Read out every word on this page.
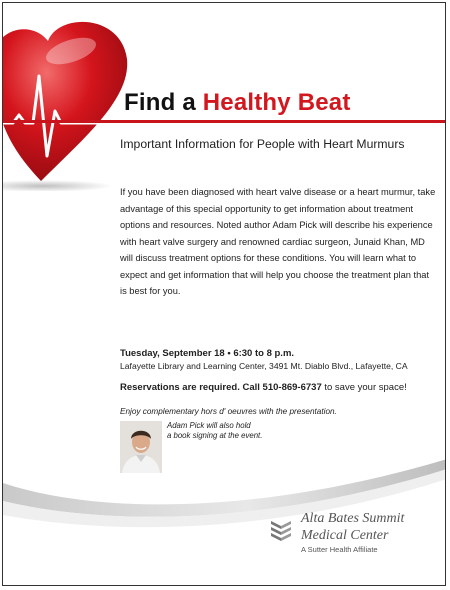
Find a Healthy Beat
Important Information for People with Heart Murmurs
If you have been diagnosed with heart valve disease or a heart murmur, take advantage of this special opportunity to get information about treatment options and resources. Noted author Adam Pick will describe his experience with heart valve surgery and renowned cardiac surgeon, Junaid Khan, MD will discuss treatment options for these conditions. You will learn what to expect and get information that will help you choose the treatment plan that is best for you.
Tuesday, September 18 • 6:30 to 8 p.m.
Lafayette Library and Learning Center, 3491 Mt. Diablo Blvd., Lafayette, CA
Reservations are required. Call 510-869-6737 to save your space!
Enjoy complementary hors d' oeuvres with the presentation.
Adam Pick will also hold
a book signing at the event.
Alta Bates Summit
Medical Center
A Sutter Health Affiliate
